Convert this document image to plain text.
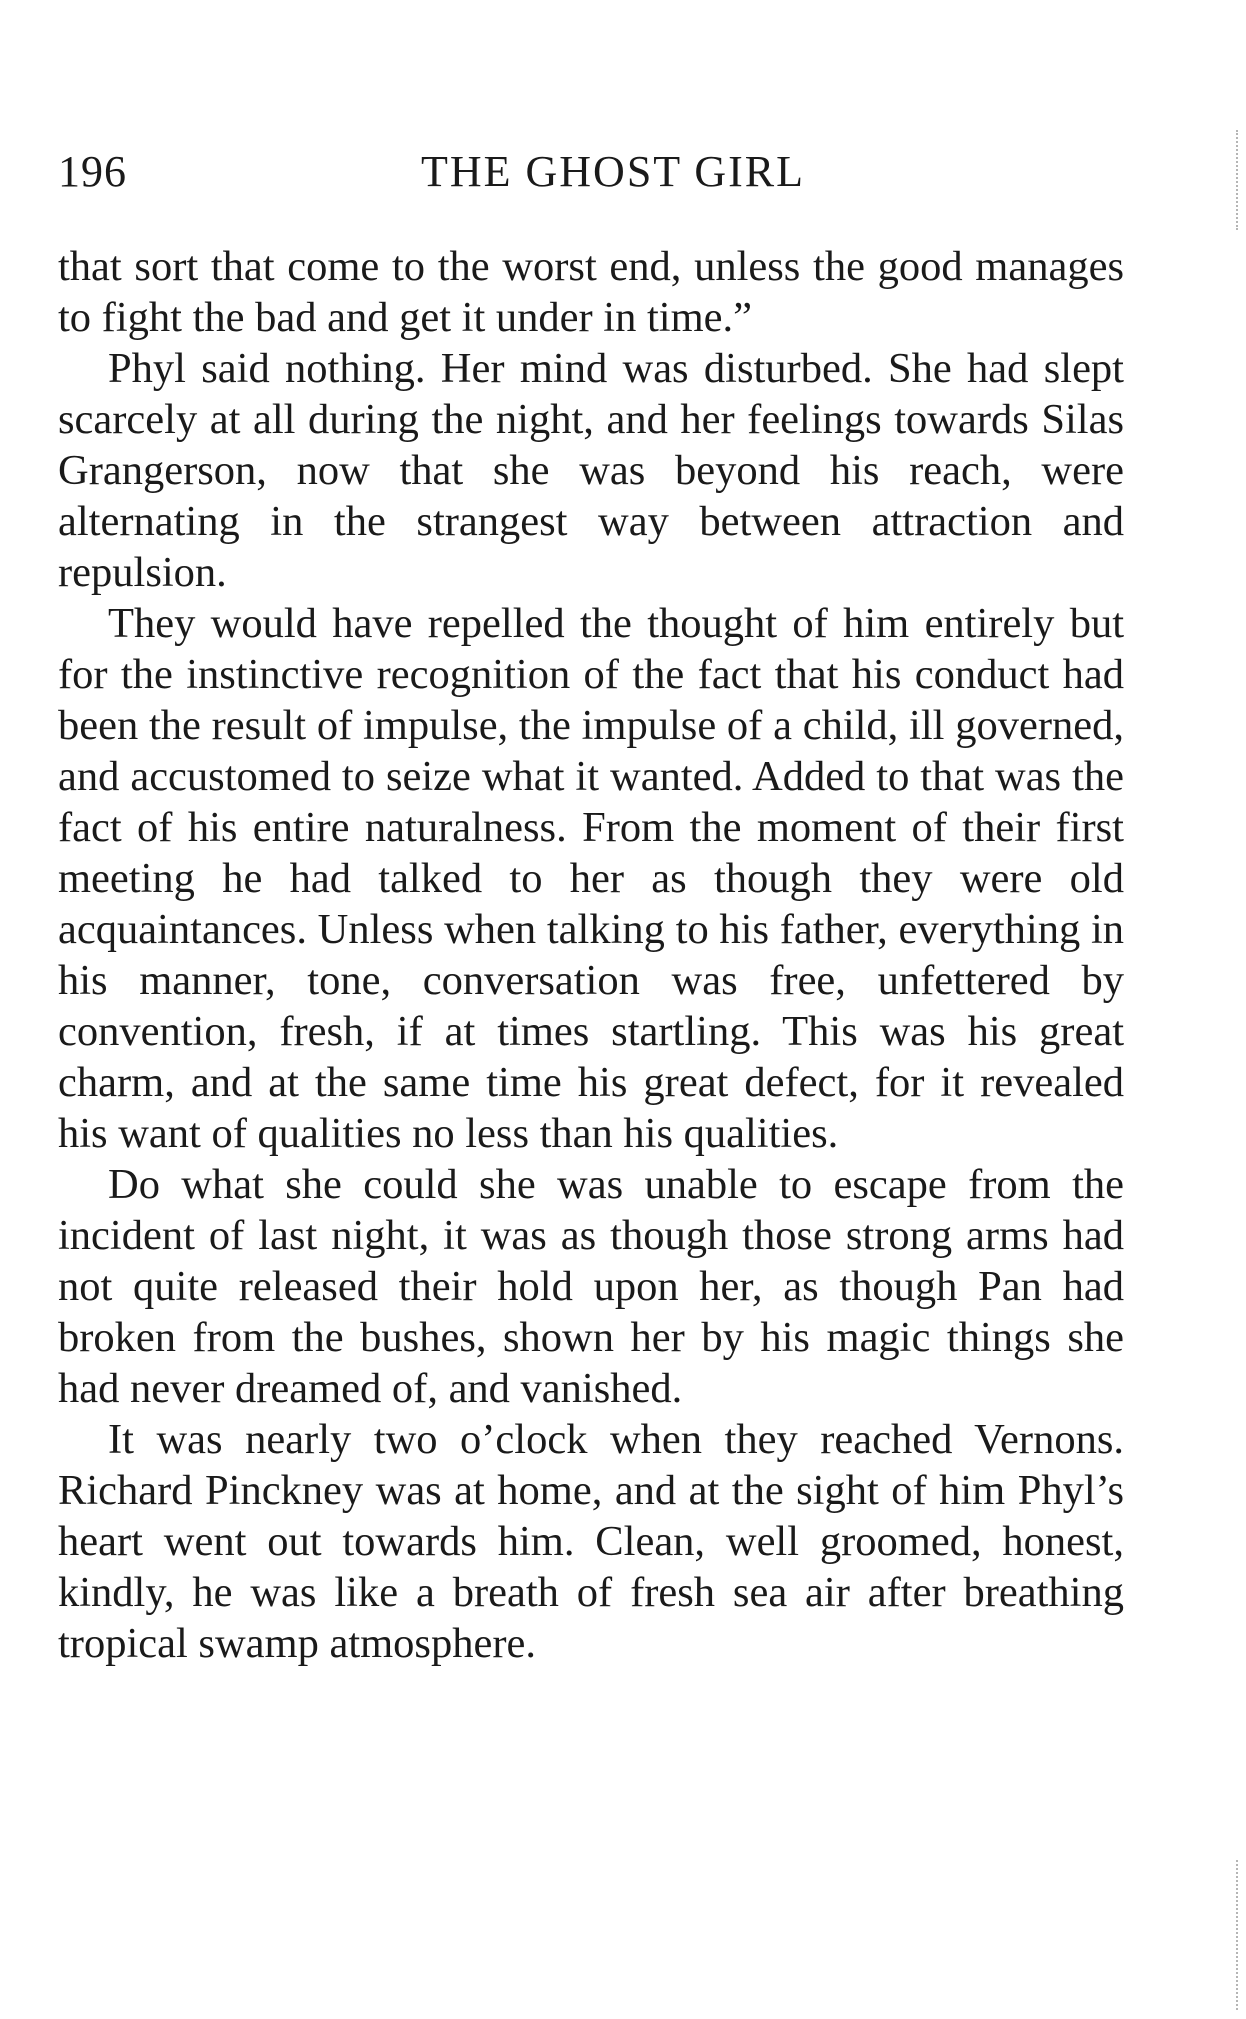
196	THE GHOST GIRL

that sort that come to the worst end, unless the good manages to fight the bad and get it under in time.”

Phyl said nothing. Her mind was disturbed. She had slept scarcely at all during the night, and her feelings towards Silas Grangerson, now that she was beyond his reach, were alternating in the strangest way between attraction and repulsion.

They would have repelled the thought of him entirely but for the instinctive recognition of the fact that his conduct had been the result of impulse, the impulse of a child, ill governed, and accustomed to seize what it wanted. Added to that was the fact of his entire naturalness. From the moment of their first meeting he had talked to her as though they were old acquaintances. Unless when talking to his father, everything in his manner, tone, conversation was free, unfettered by convention, fresh, if at times startling. This was his great charm, and at the same time his great defect, for it revealed his want of qualities no less than his qualities.

Do what she could she was unable to escape from the incident of last night, it was as though those strong arms had not quite released their hold upon her, as though Pan had broken from the bushes, shown her by his magic things she had never dreamed of, and vanished.

It was nearly two o’clock when they reached Vernons. Richard Pinckney was at home, and at the sight of him Phyl’s heart went out towards him. Clean, well groomed, honest, kindly, he was like a breath of fresh sea air after breathing tropical swamp atmosphere.
